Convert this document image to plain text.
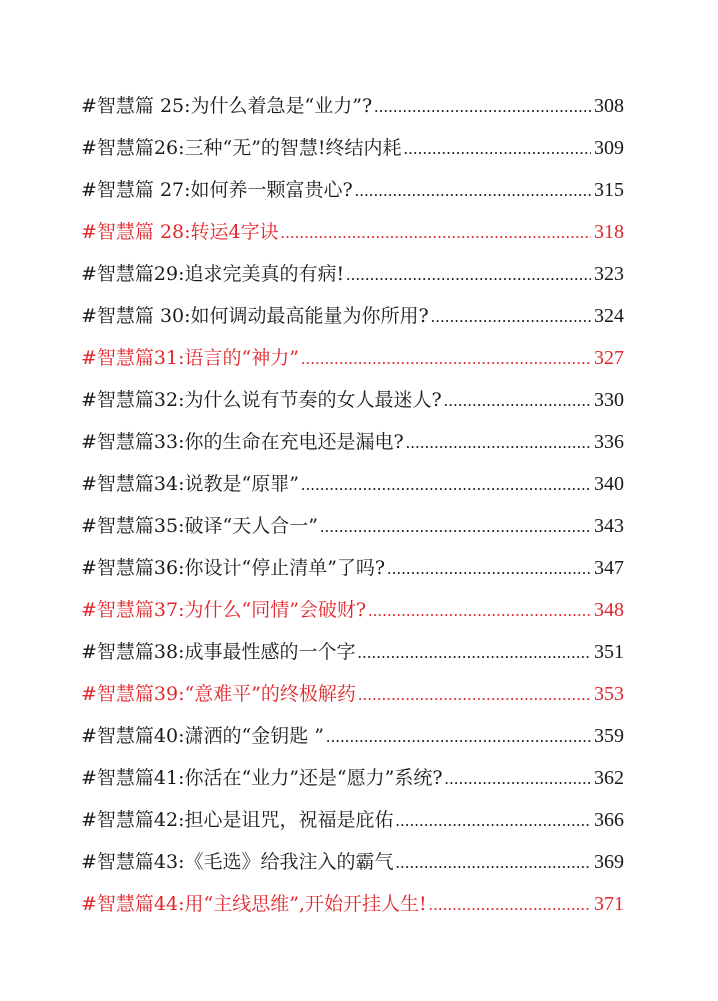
#智慧篇 25:为什么着急是“业力”? .....	308
#智慧篇26:三种“无”的智慧!终结内耗 .....	309
#智慧篇 27:如何养一颗富贵心? .....	315
#智慧篇 28:转运4字诀 .....	318
#智慧篇29:追求完美真的有病! .....	323
#智慧篇 30:如何调动最高能量为你所用? .....	324
#智慧篇31:语言的“神力” .....	327
#智慧篇32:为什么说有节奏的女人最迷人? .....	330
#智慧篇33:你的生命在充电还是漏电? .....	336
#智慧篇34:说教是“原罪” .....	340
#智慧篇35:破译“天人合一” .....	343
#智慧篇36:你设计“停止清单”了吗? .....	347
#智慧篇37:为什么“同情”会破财? .....	348
#智慧篇38:成事最性感的一个字 .....	351
#智慧篇39:“意难平”的终极解药 .....	353
#智慧篇40:潇洒的“金钥匙 ” .....	359
#智慧篇41:你活在“业力”还是“愿力”系统? .....	362
#智慧篇42:担心是诅咒，祝福是庇佑 .....	366
#智慧篇43:《毛选》给我注入的霸气 .....	369
#智慧篇44:用“主线思维”,开始开挂人生! .....	371
